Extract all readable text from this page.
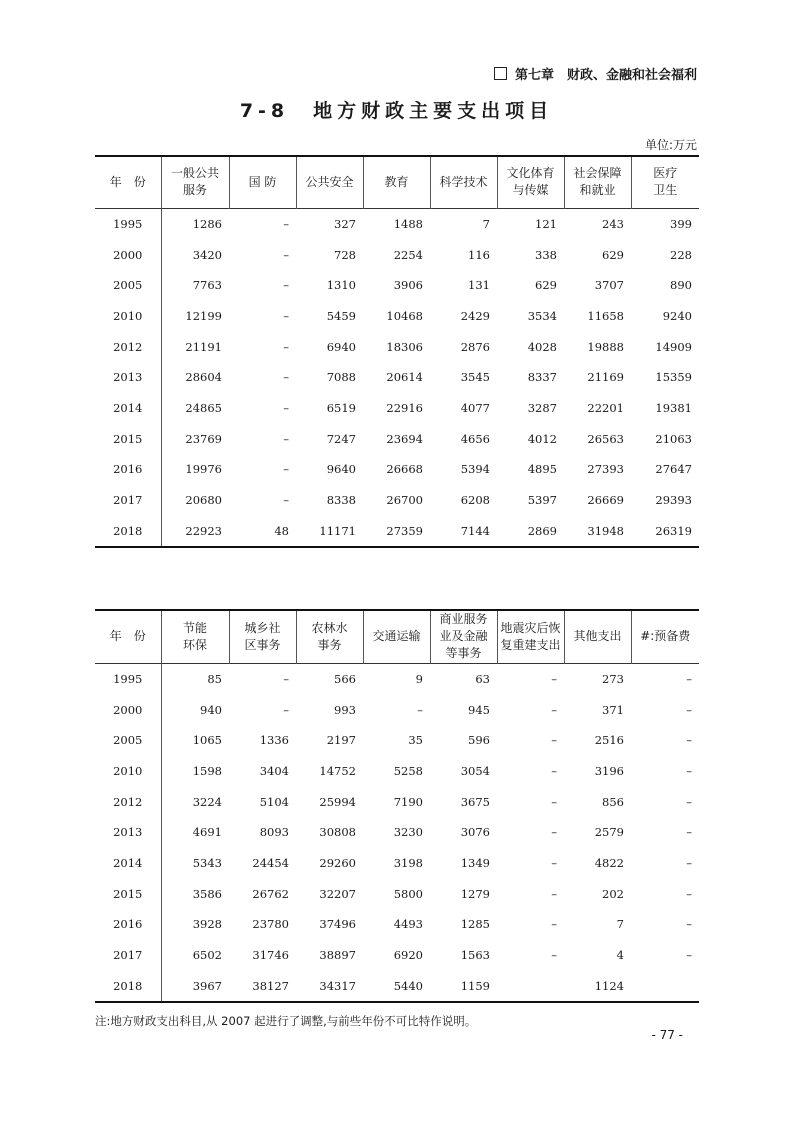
第七章　财政、金融和社会福利
7-8　地方财政主要支出项目
单位:万元
年　份	一般公共
服务	国 防	公共安全	教育	科学技术	文化体育
与传媒	社会保障
和就业	医疗
卫生
1995	1286	–	327	1488	7	121	243	399
2000	3420	–	728	2254	116	338	629	228
2005	7763	–	1310	3906	131	629	3707	890
2010	12199	–	5459	10468	2429	3534	11658	9240
2012	21191	–	6940	18306	2876	4028	19888	14909
2013	28604	–	7088	20614	3545	8337	21169	15359
2014	24865	–	6519	22916	4077	3287	22201	19381
2015	23769	–	7247	23694	4656	4012	26563	21063
2016	19976	–	9640	26668	5394	4895	27393	27647
2017	20680	–	8338	26700	6208	5397	26669	29393
2018	22923	48	11171	27359	7144	2869	31948	26319
年　份	节能
环保	城乡社
区事务	农林水
事务	交通运输	商业服务
业及金融
等事务	地震灾后恢
复重建支出	其他支出	#:预备费
1995	85	–	566	9	63	–	273	–
2000	940	–	993	–	945	–	371	–
2005	1065	1336	2197	35	596	–	2516	–
2010	1598	3404	14752	5258	3054	–	3196	–
2012	3224	5104	25994	7190	3675	–	856	–
2013	4691	8093	30808	3230	3076	–	2579	–
2014	5343	24454	29260	3198	1349	–	4822	–
2015	3586	26762	32207	5800	1279	–	202	–
2016	3928	23780	37496	4493	1285	–	7	–
2017	6502	31746	38897	6920	1563	–	4	–
2018	3967	38127	34317	5440	1159		1124	
注:地方财政支出科目,从 2007 起进行了调整,与前些年份不可比特作说明。
- 77 -
